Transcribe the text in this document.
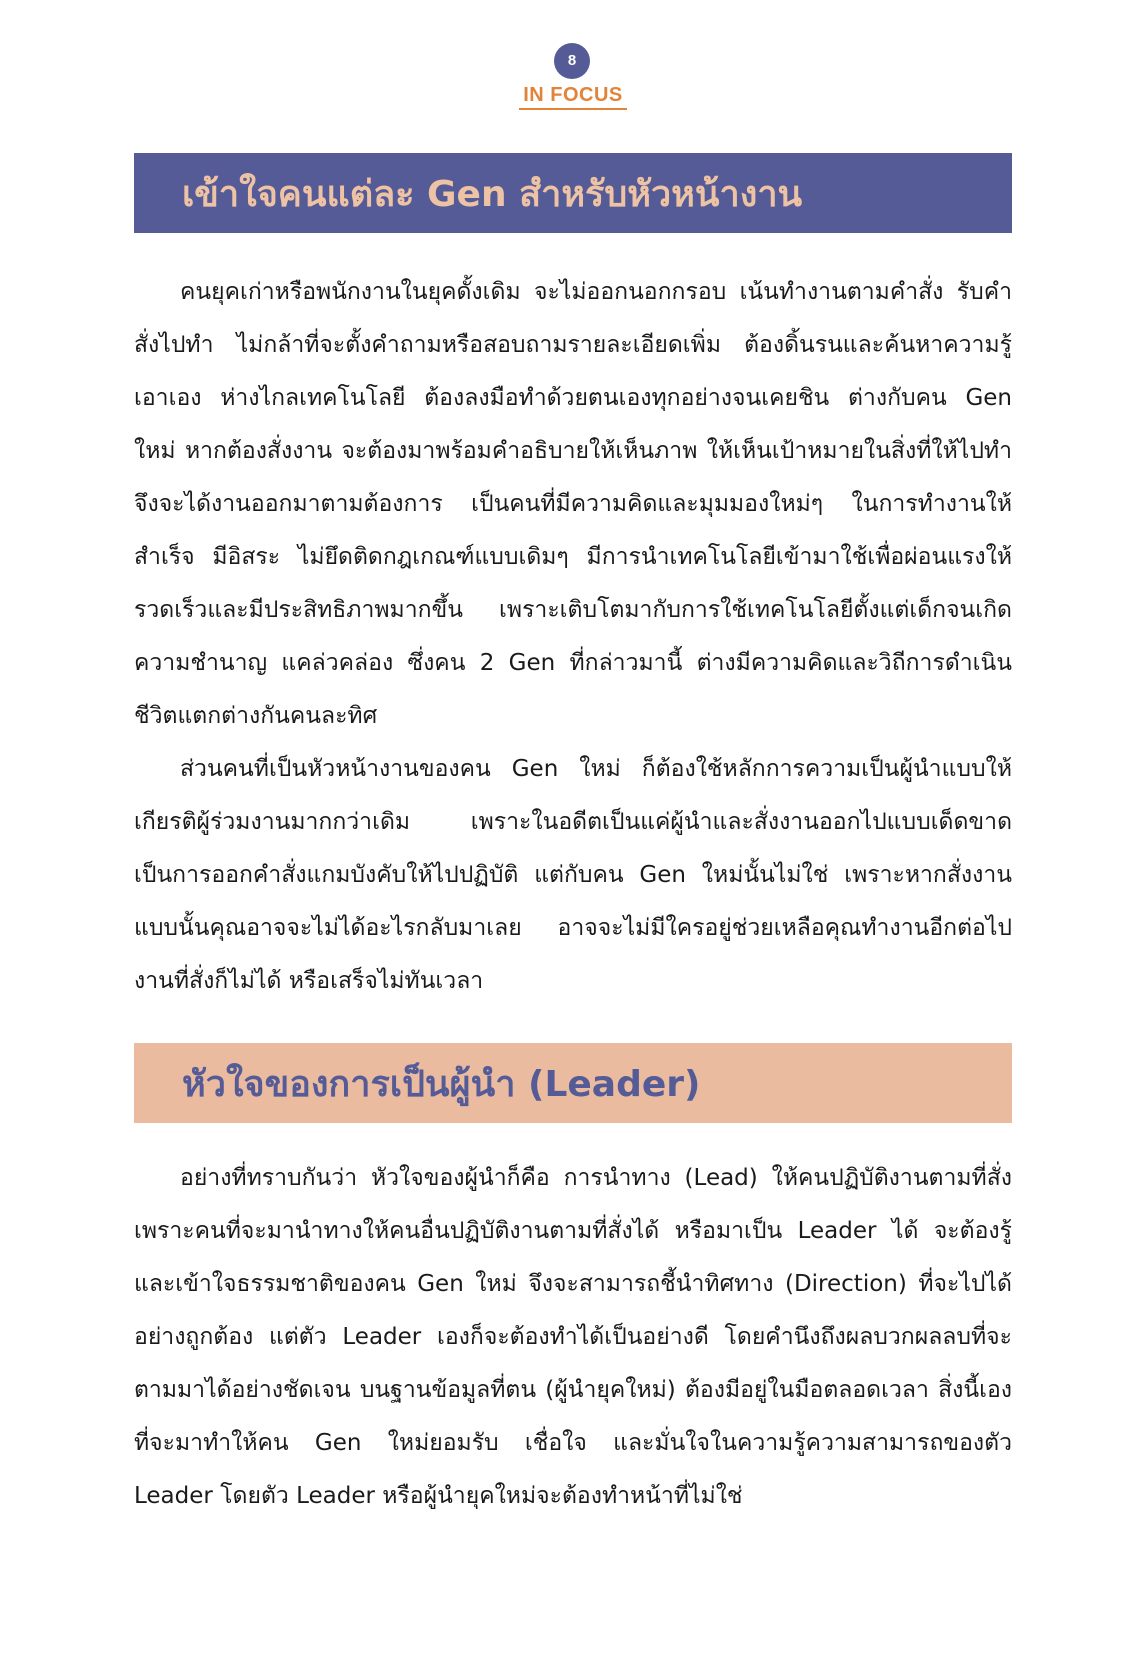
8
IN FOCUS
เข้าใจคนแต่ละ Gen สำหรับหัวหน้างาน

คนยุคเก่าหรือพนักงานในยุคดั้งเดิม จะไม่ออกนอกกรอบ เน้นทำงานตามคำสั่ง รับคำสั่งไปทำ ไม่กล้าที่จะตั้งคำถามหรือสอบถามรายละเอียดเพิ่ม ต้องดิ้นรนและค้นหาความรู้เอาเอง ห่างไกลเทคโนโลยี ต้องลงมือทำด้วยตนเองทุกอย่างจนเคยชิน ต่างกับคน Gen ใหม่ หากต้องสั่งงาน จะต้องมาพร้อมคำอธิบายให้เห็นภาพ ให้เห็นเป้าหมายในสิ่งที่ให้ไปทำ จึงจะได้งานออกมาตามต้องการ เป็นคนที่มีความคิดและมุมมองใหม่ๆ ในการทำงานให้สำเร็จ มีอิสระ ไม่ยึดติดกฎเกณฑ์แบบเดิมๆ มีการนำเทคโนโลยีเข้ามาใช้เพื่อผ่อนแรงให้รวดเร็วและมีประสิทธิภาพมากขึ้น เพราะเติบโตมากับการใช้เทคโนโลยีตั้งแต่เด็กจนเกิดความชำนาญ แคล่วคล่อง ซึ่งคน 2 Gen ที่กล่าวมานี้ ต่างมีความคิดและวิถีการดำเนินชีวิตแตกต่างกันคนละทิศ

ส่วนคนที่เป็นหัวหน้างานของคน Gen ใหม่ ก็ต้องใช้หลักการความเป็นผู้นำแบบให้เกียรติผู้ร่วมงานมากกว่าเดิม เพราะในอดีตเป็นแค่ผู้นำและสั่งงานออกไปแบบเด็ดขาด เป็นการออกคำสั่งแกมบังคับให้ไปปฏิบัติ แต่กับคน Gen ใหม่นั้นไม่ใช่ เพราะหากสั่งงานแบบนั้นคุณอาจจะไม่ได้อะไรกลับมาเลย อาจจะไม่มีใครอยู่ช่วยเหลือคุณทำงานอีกต่อไป งานที่สั่งก็ไม่ได้ หรือเสร็จไม่ทันเวลา

หัวใจของการเป็นผู้นำ (Leader)

อย่างที่ทราบกันว่า หัวใจของผู้นำก็คือ การนำทาง (Lead) ให้คนปฏิบัติงานตามที่สั่ง เพราะคนที่จะมานำทางให้คนอื่นปฏิบัติงานตามที่สั่งได้ หรือมาเป็น Leader ได้ จะต้องรู้และเข้าใจธรรมชาติของคน Gen ใหม่ จึงจะสามารถชี้นำทิศทาง (Direction) ที่จะไปได้อย่างถูกต้อง แต่ตัว Leader เองก็จะต้องทำได้เป็นอย่างดี โดยคำนึงถึงผลบวกผลลบที่จะตามมาได้อย่างชัดเจน บนฐานข้อมูลที่ตน (ผู้นำยุคใหม่) ต้องมีอยู่ในมือตลอดเวลา สิ่งนี้เองที่จะมาทำให้คน Gen ใหม่ยอมรับ เชื่อใจ และมั่นใจในความรู้ความสามารถของตัว Leader โดยตัว Leader หรือผู้นำยุคใหม่จะต้องทำหน้าที่ไม่ใช่
